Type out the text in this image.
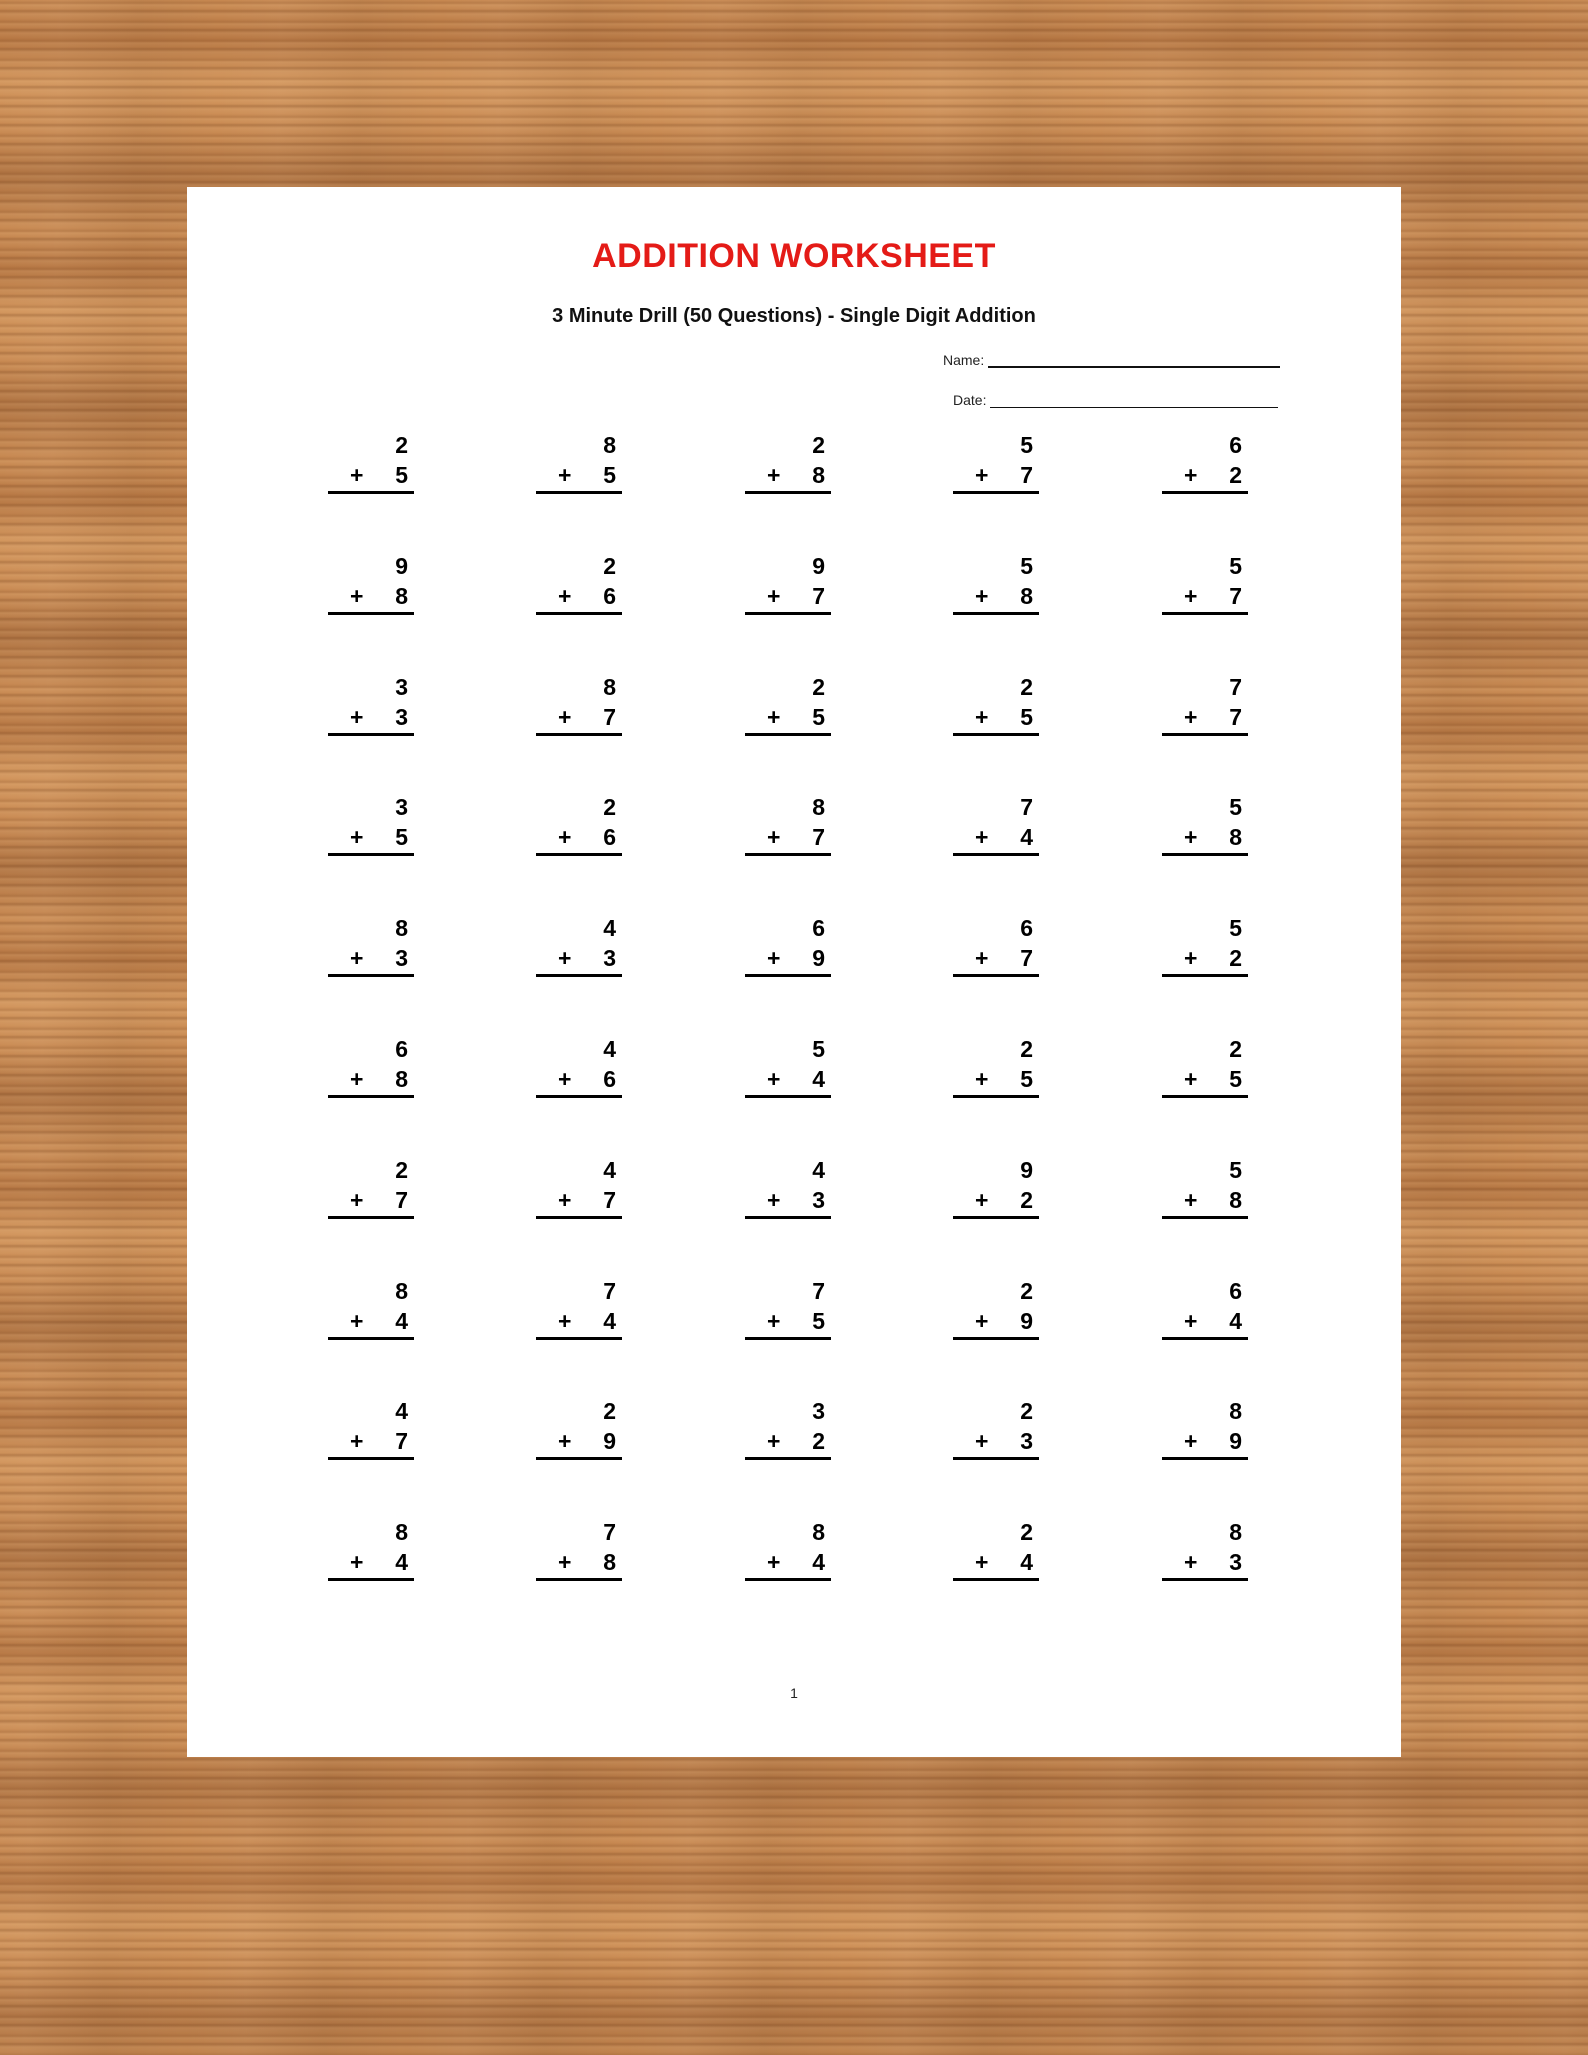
ADDITION WORKSHEET
3 Minute Drill (50 Questions) - Single Digit Addition
Name:
Date:
2
+ 5
8
+ 5
2
+ 8
5
+ 7
6
+ 2
9
+ 8
2
+ 6
9
+ 7
5
+ 8
5
+ 7
3
+ 3
8
+ 7
2
+ 5
2
+ 5
7
+ 7
3
+ 5
2
+ 6
8
+ 7
7
+ 4
5
+ 8
8
+ 3
4
+ 3
6
+ 9
6
+ 7
5
+ 2
6
+ 8
4
+ 6
5
+ 4
2
+ 5
2
+ 5
2
+ 7
4
+ 7
4
+ 3
9
+ 2
5
+ 8
8
+ 4
7
+ 4
7
+ 5
2
+ 9
6
+ 4
4
+ 7
2
+ 9
3
+ 2
2
+ 3
8
+ 9
8
+ 4
7
+ 8
8
+ 4
2
+ 4
8
+ 3
1
